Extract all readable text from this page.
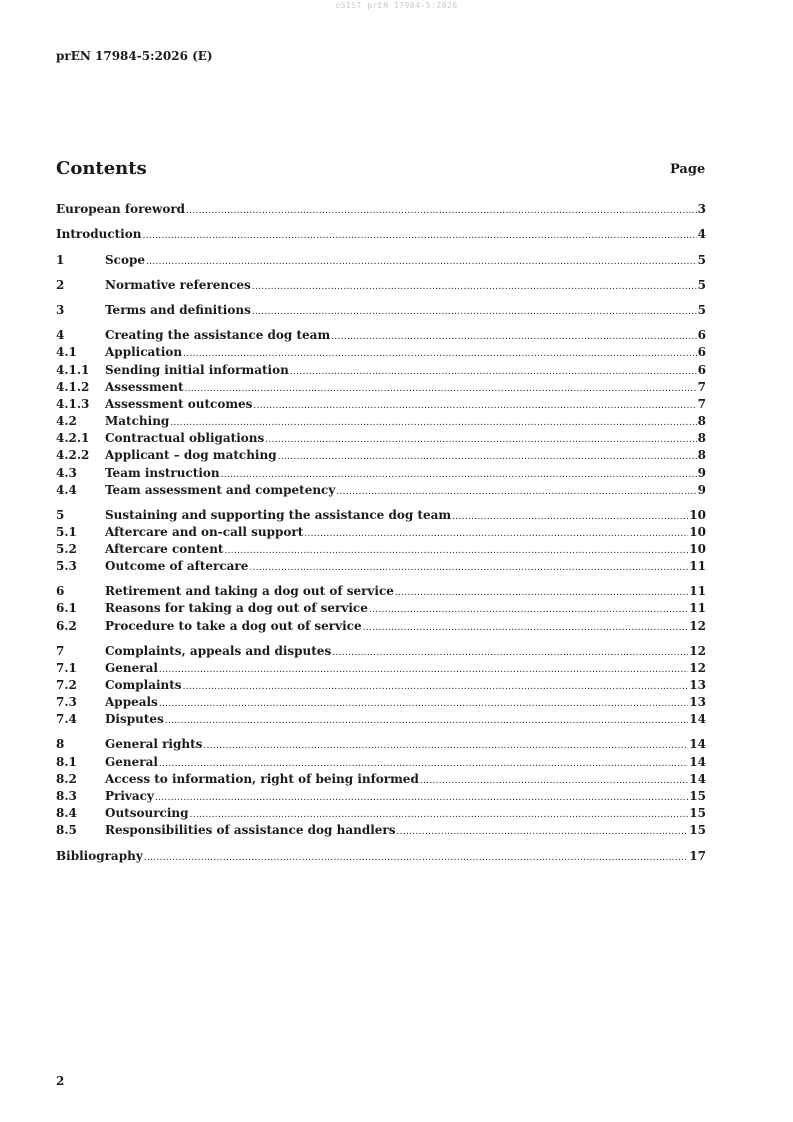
oSIST prEN 17984-5:2026
prEN 17984-5:2026 (E)
Contents	Page
European foreword .....	3
Introduction .....	4
1	Scope .....	5
2	Normative references .....	5
3	Terms and definitions .....	5
4	Creating the assistance dog team .....	6
4.1	Application .....	6
4.1.1	Sending initial information .....	6
4.1.2	Assessment .....	7
4.1.3	Assessment outcomes .....	7
4.2	Matching .....	8
4.2.1	Contractual obligations .....	8
4.2.2	Applicant – dog matching .....	8
4.3	Team instruction .....	9
4.4	Team assessment and competency .....	9
5	Sustaining and supporting the assistance dog team .....	10
5.1	Aftercare and on-call support .....	10
5.2	Aftercare content .....	10
5.3	Outcome of aftercare .....	11
6	Retirement and taking a dog out of service .....	11
6.1	Reasons for taking a dog out of service .....	11
6.2	Procedure to take a dog out of service .....	12
7	Complaints, appeals and disputes .....	12
7.1	General .....	12
7.2	Complaints .....	13
7.3	Appeals .....	13
7.4	Disputes .....	14
8	General rights .....	14
8.1	General .....	14
8.2	Access to information, right of being informed .....	14
8.3	Privacy .....	15
8.4	Outsourcing .....	15
8.5	Responsibilities of assistance dog handlers .....	15
Bibliography .....	17
2
